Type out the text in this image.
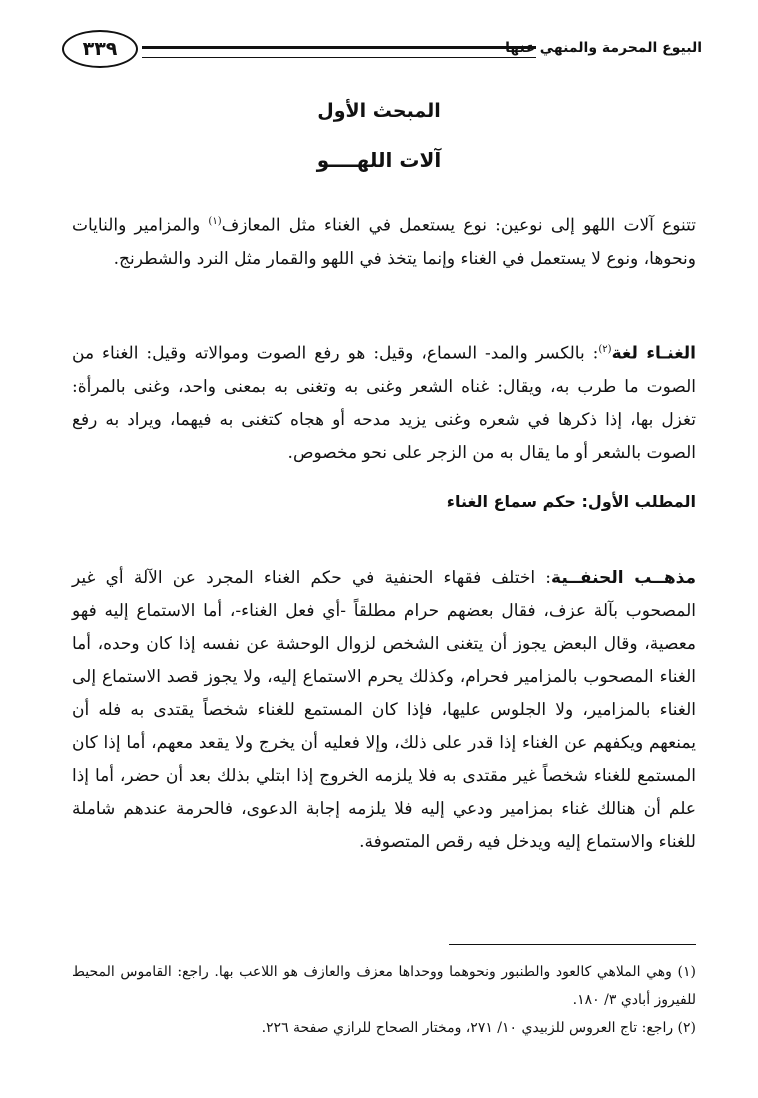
البيوع المحرمة والمنهي عنها
٣٣٩
المبحث الأول
آلات اللهــــو
تتنوع آلات اللهو إلى نوعين: نوع يستعمل في الغناء مثل المعازف$^{(١)}$ والمزامير والنايات ونحوها، ونوع لا يستعمل في الغناء وإنما يتخذ في اللهو والقمار مثل النرد والشطرنج.
الغنـاء لغة$^{(٢)}$: بالكسر والمد- السماع، وقيل: هو رفع الصوت وموالاته وقيل: الغناء من الصوت ما طرب به، ويقال: غناه الشعر وغنى به وتغنى به بمعنى واحد، وغنى بالمرأة: تغزل بها، إذا ذكرها في شعره وغنى يزيد مدحه أو هجاه كتغنى به فيهما، ويراد به رفع الصوت بالشعر أو ما يقال به من الزجر على نحو مخصوص.
المطلب الأول: حكم سماع الغناء
مذهــب الحنفــية: اختلف فقهاء الحنفية في حكم الغناء المجرد عن الآلة أي غير المصحوب بآلة عزف، فقال بعضهم حرام مطلقاً -أي فعل الغناء-، أما الاستماع إليه فهو معصية، وقال البعض يجوز أن يتغنى الشخص لزوال الوحشة عن نفسه إذا كان وحده، أما الغناء المصحوب بالمزامير فحرام، وكذلك يحرم الاستماع إليه، ولا يجوز قصد الاستماع إلى الغناء بالمزامير، ولا الجلوس عليها، فإذا كان المستمع للغناء شخصاً يقتدى به فله أن يمنعهم ويكفهم عن الغناء إذا قدر على ذلك، وإلا فعليه أن يخرج ولا يقعد معهم، أما إذا كان المستمع للغناء شخصاً غير مقتدى به فلا يلزمه الخروج إذا ابتلي بذلك بعد أن حضر، أما إذا علم أن هنالك غناء بمزامير ودعي إليه فلا يلزمه إجابة الدعوى، فالحرمة عندهم شاملة للغناء والاستماع إليه ويدخل فيه رقص المتصوفة.

(١) وهي الملاهي كالعود والطنبور ونحوهما ووحداها معزف والعازف هو اللاعب بها. راجع: القاموس المحيط للفيروز أبادي ٣/ ١٨٠.

(٢) راجع: تاج العروس للزبيدي ١٠/ ٢٧١، ومختار الصحاح للرازي صفحة ٢٢٦.
